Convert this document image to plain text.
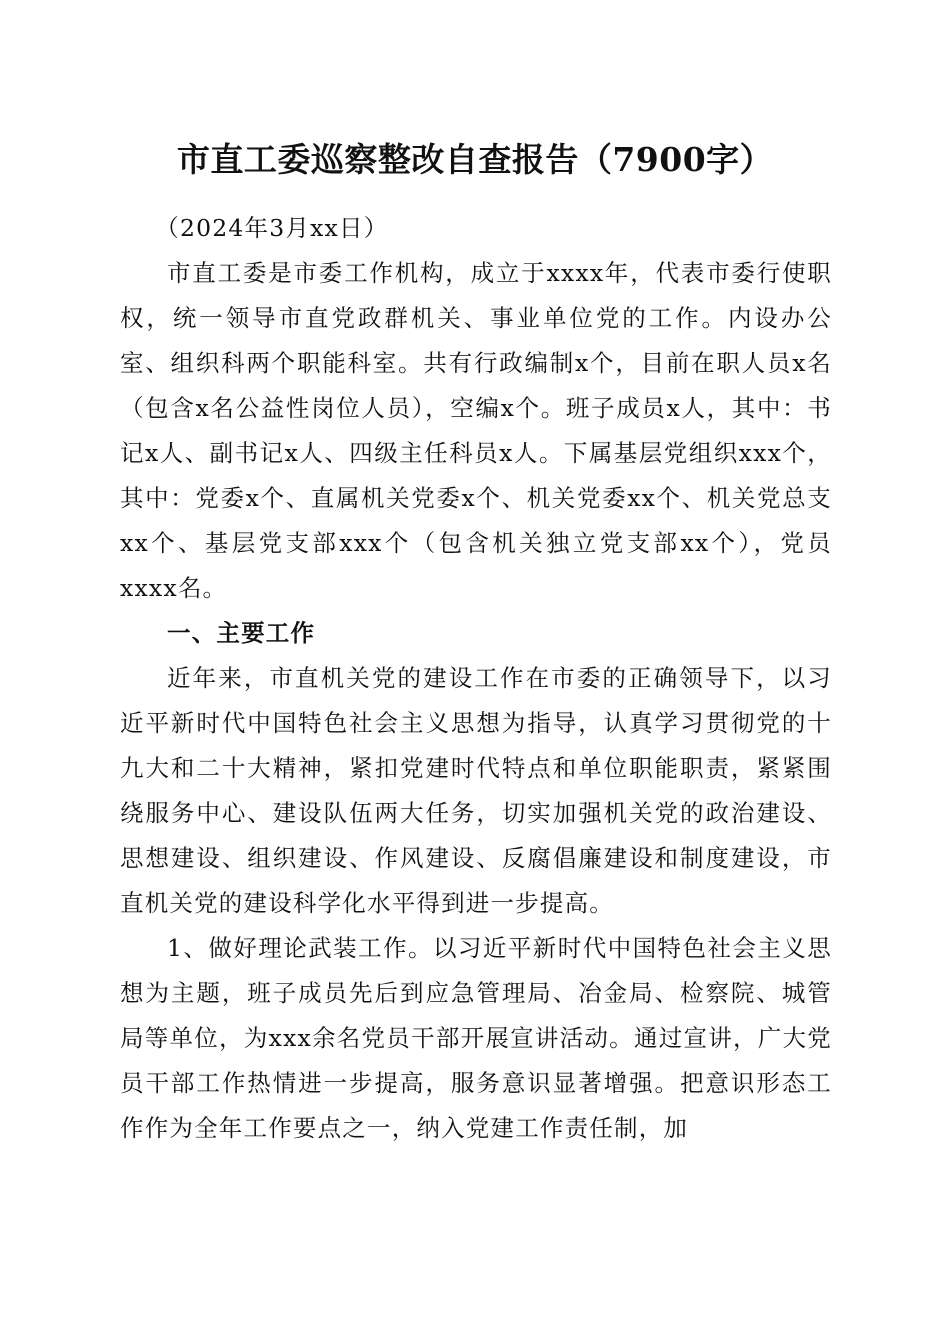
市直工委巡察整改自查报告（7900字）

（2024年3月xx日）

市直工委是市委工作机构，成立于xxxx年，代表市委行使职权，统一领导市直党政群机关、事业单位党的工作。内设办公室、组织科两个职能科室。共有行政编制x个，目前在职人员x名（包含x名公益性岗位人员），空编x个。班子成员x人，其中：书记x人、副书记x人、四级主任科员x人。下属基层党组织xxx个，其中：党委x个、直属机关党委x个、机关党委xx个、机关党总支xx个、基层党支部xxx个（包含机关独立党支部xx个），党员xxxx名。

一、主要工作

近年来，市直机关党的建设工作在市委的正确领导下，以习近平新时代中国特色社会主义思想为指导，认真学习贯彻党的十九大和二十大精神，紧扣党建时代特点和单位职能职责，紧紧围绕服务中心、建设队伍两大任务，切实加强机关党的政治建设、思想建设、组织建设、作风建设、反腐倡廉建设和制度建设，市直机关党的建设科学化水平得到进一步提高。

1、做好理论武装工作。以习近平新时代中国特色社会主义思想为主题，班子成员先后到应急管理局、冶金局、检察院、城管局等单位，为xxx余名党员干部开展宣讲活动。通过宣讲，广大党员干部工作热情进一步提高，服务意识显著增强。把意识形态工作作为全年工作要点之一，纳入党建工作责任制，加
